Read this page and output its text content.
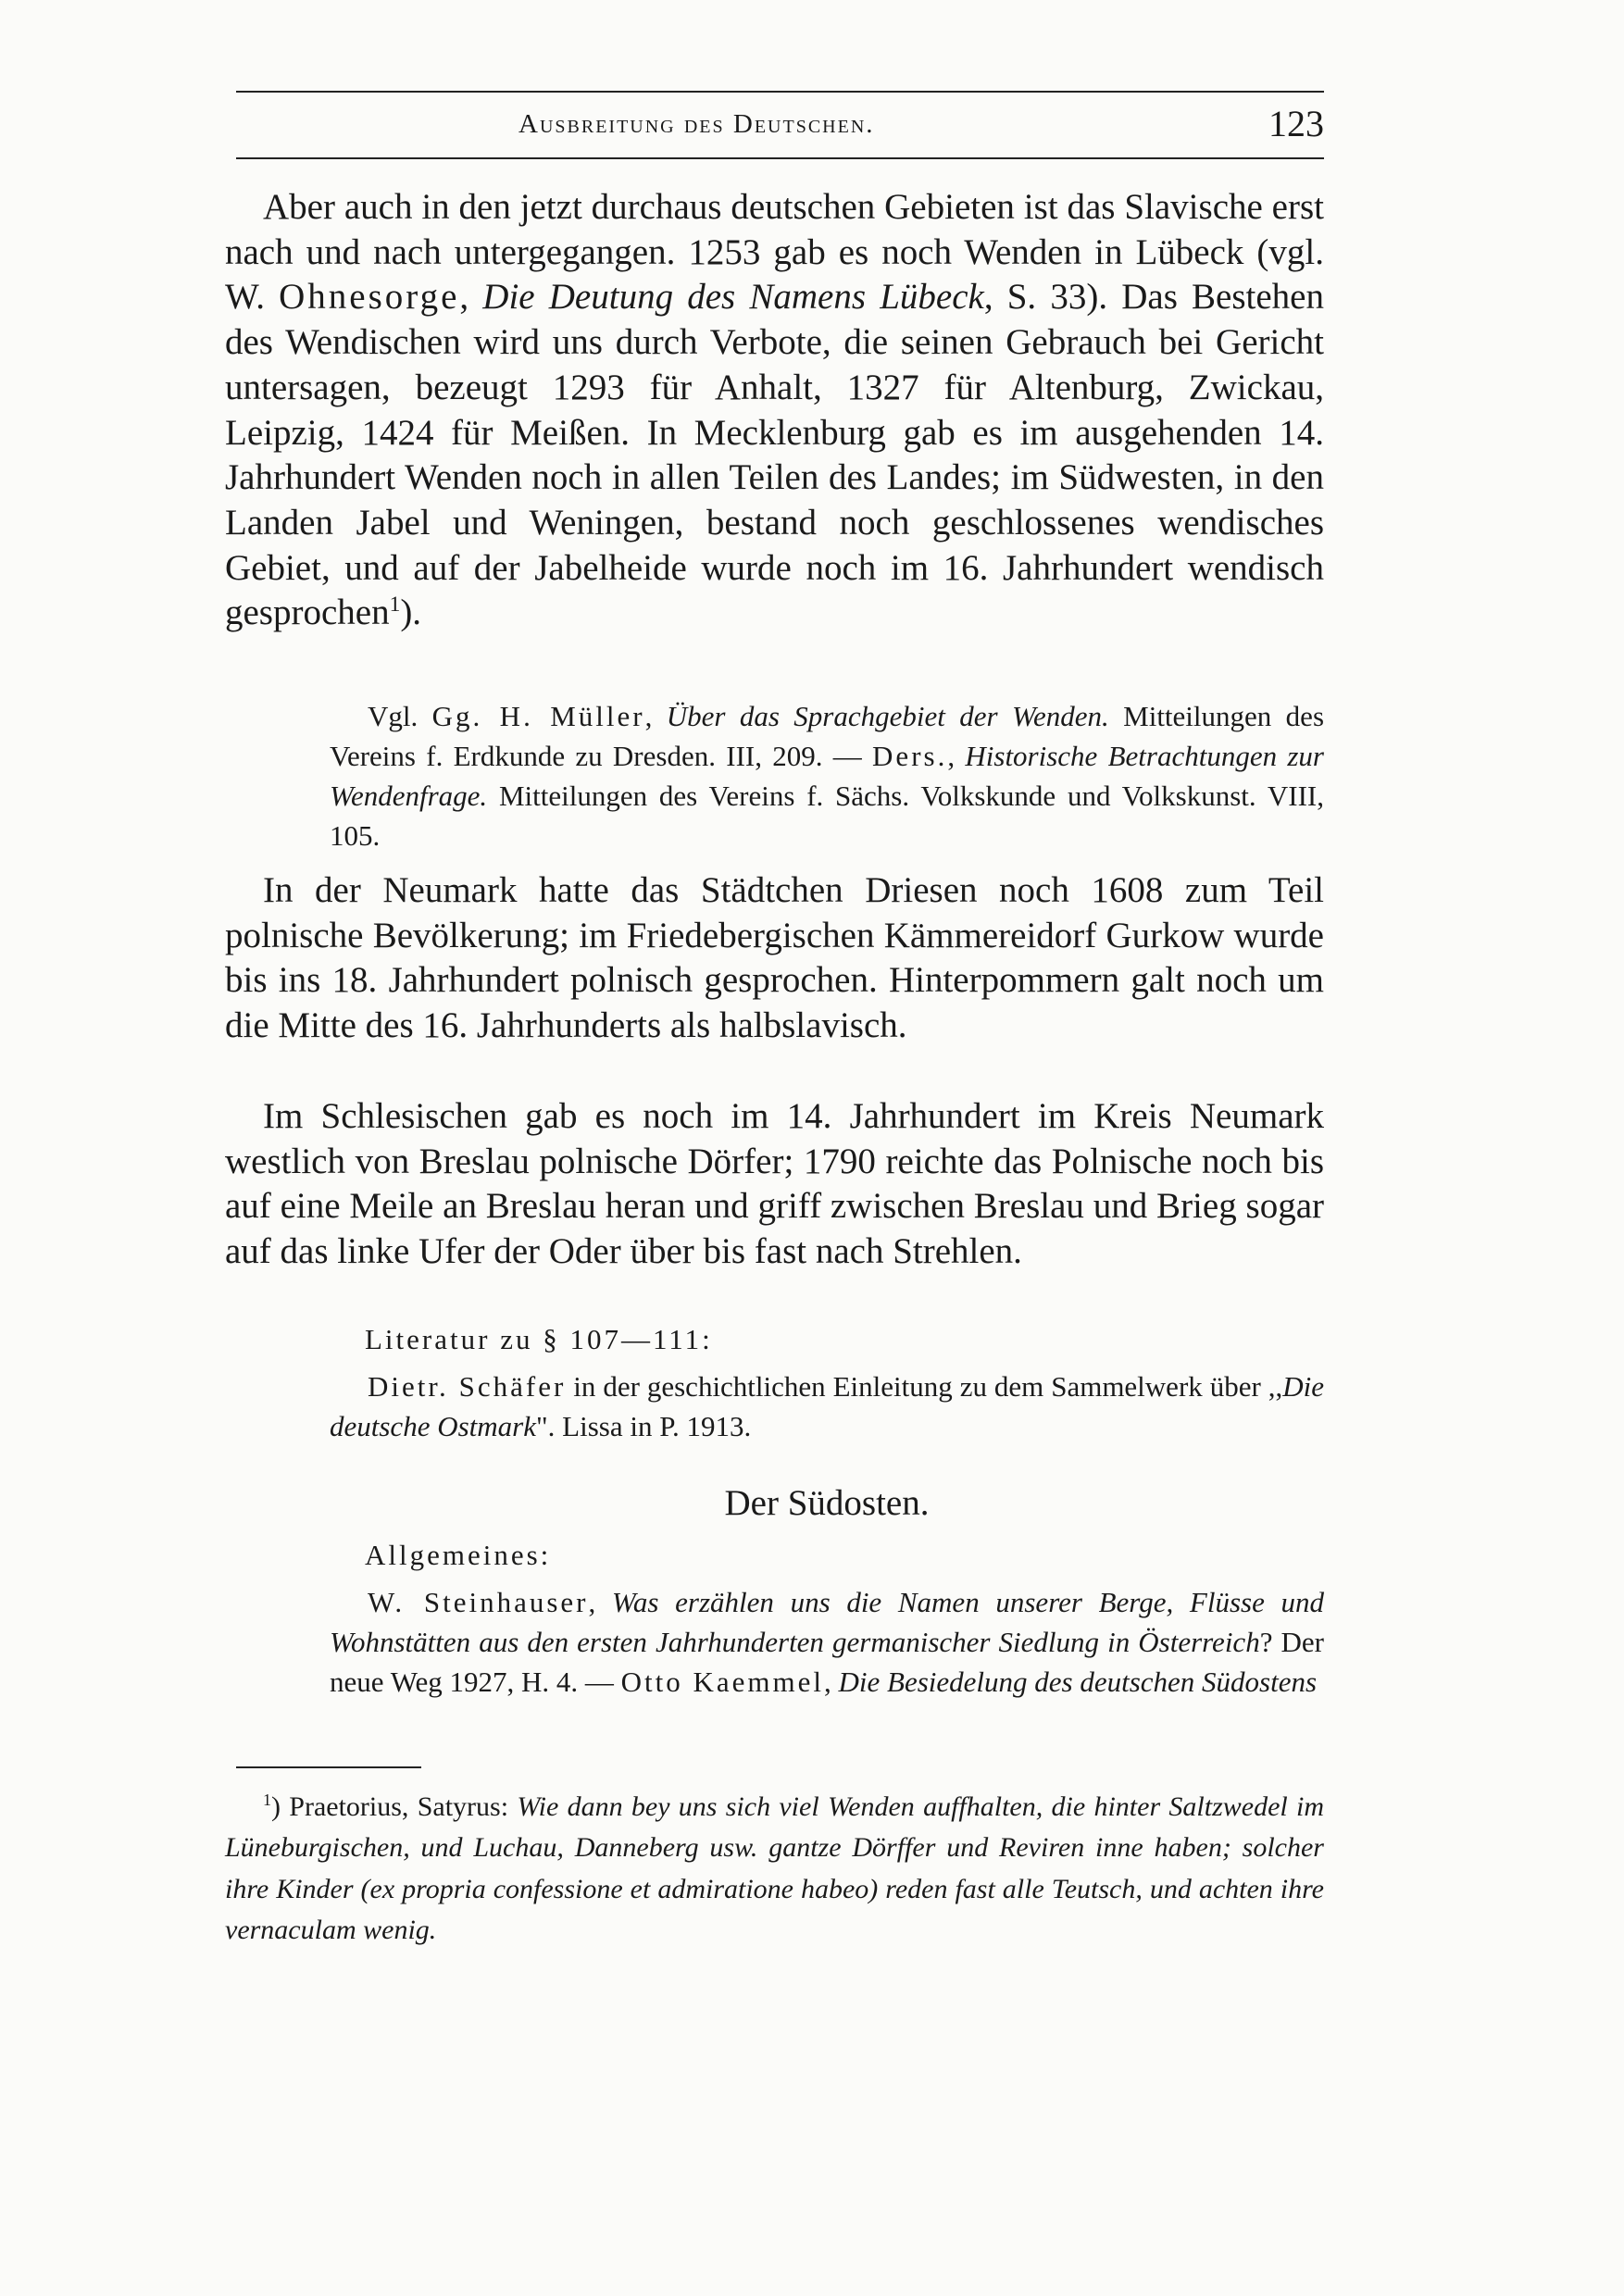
Ausbreitung des Deutschen.	123

Aber auch in den jetzt durchaus deutschen Gebieten ist das Slavische erst nach und nach untergegangen. 1253 gab es noch Wenden in Lübeck (vgl. W. Ohnesorge, Die Deutung des Namens Lübeck, S. 33). Das Bestehen des Wendischen wird uns durch Verbote, die seinen Gebrauch bei Gericht untersagen, bezeugt 1293 für Anhalt, 1327 für Altenburg, Zwickau, Leipzig, 1424 für Meißen. In Mecklenburg gab es im ausgehenden 14. Jahrhundert Wenden noch in allen Teilen des Landes; im Südwesten, in den Landen Jabel und Weningen, bestand noch geschlossenes wendisches Gebiet, und auf der Jabelheide wurde noch im 16. Jahrhundert wendisch gesprochen$^1$).

Vgl. Gg. H. Müller, Über das Sprachgebiet der Wenden. Mitteilungen des Vereins f. Erdkunde zu Dresden. III, 209. — Ders., Historische Betrachtungen zur Wendenfrage. Mitteilungen des Vereins f. Sächs. Volkskunde und Volkskunst. VIII, 105.

In der Neumark hatte das Städtchen Driesen noch 1608 zum Teil polnische Bevölkerung; im Friedebergischen Kämmereidorf Gurkow wurde bis ins 18. Jahrhundert polnisch gesprochen. Hinterpommern galt noch um die Mitte des 16. Jahrhunderts als halbslavisch.

Im Schlesischen gab es noch im 14. Jahrhundert im Kreis Neumark westlich von Breslau polnische Dörfer; 1790 reichte das Polnische noch bis auf eine Meile an Breslau heran und griff zwischen Breslau und Brieg sogar auf das linke Ufer der Oder über bis fast nach Strehlen.

Literatur zu § 107—111:

Dietr. Schäfer in der geschichtlichen Einleitung zu dem Sammelwerk über ,,Die deutsche Ostmark". Lissa in P. 1913.

Der Südosten.

Allgemeines:

W. Steinhauser, Was erzählen uns die Namen unserer Berge, Flüsse und Wohnstätten aus den ersten Jahrhunderten germanischer Siedlung in Österreich? Der neue Weg 1927, H. 4. — Otto Kaemmel, Die Besiedelung des deutschen Südostens

$^1$) Praetorius, Satyrus: Wie dann bey uns sich viel Wenden auffhalten, die hinter Saltzwedel im Lüneburgischen, und Luchau, Danneberg usw. gantze Dörffer und Reviren inne haben; solcher ihre Kinder (ex propria confessione et admiratione habeo) reden fast alle Teutsch, und achten ihre vernaculam wenig.
